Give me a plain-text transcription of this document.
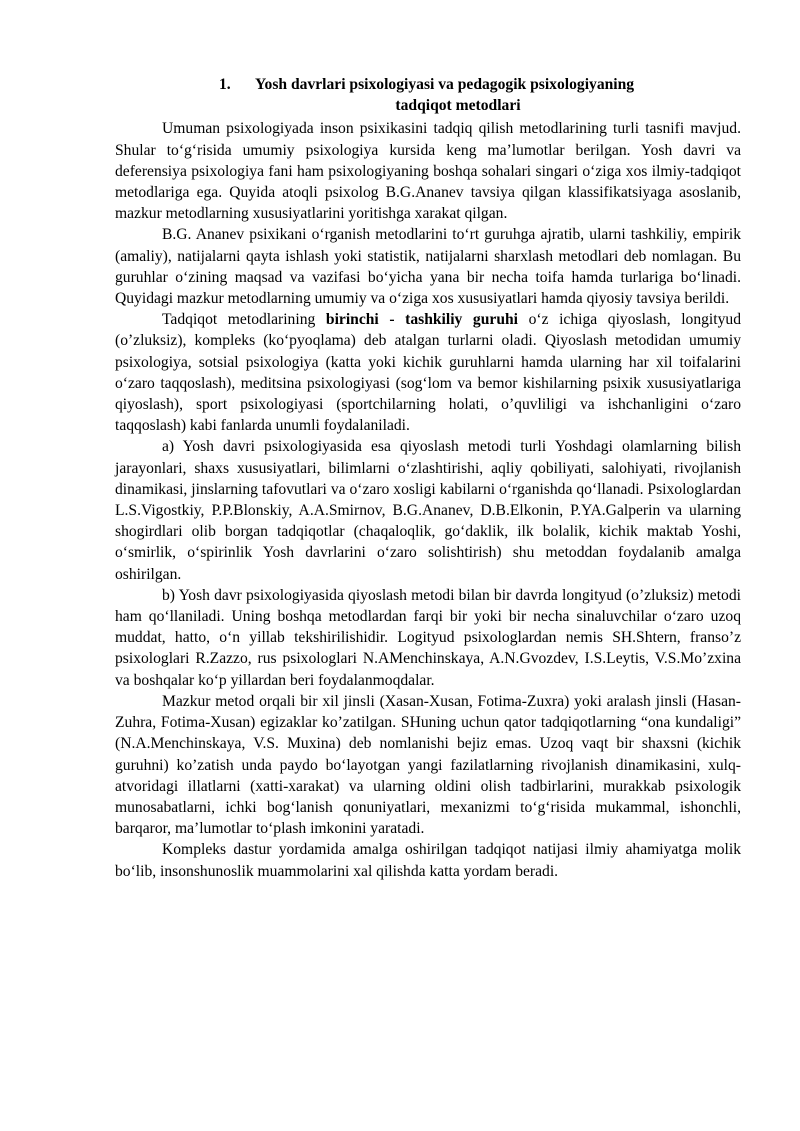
1. Yosh davrlari psixologiyasi va pedagogik psixologiyaning
tadqiqot metodlari

Umuman psixologiyada inson psixikasini tadqiq qilish metodlarining turli tasnifi mavjud. Shular to‘g‘risida umumiy psixologiya kursida keng ma’lumotlar berilgan. Yosh davri va deferensiya psixologiya fani ham psixologiyaning boshqa sohalari singari o‘ziga xos ilmiy-tadqiqot metodlariga ega. Quyida atoqli psixolog B.G.Ananev tavsiya qilgan klassifikatsiyaga asoslanib, mazkur metodlarning xususiyatlarini yoritishga xarakat qilgan.

B.G. Ananev psixikani o‘rganish metodlarini to‘rt guruhga ajratib, ularni tashkiliy, empirik (amaliy), natijalarni qayta ishlash yoki statistik, natijalarni sharxlash metodlari deb nomlagan. Bu guruhlar o‘zining maqsad va vazifasi bo‘yicha yana bir necha toifa hamda turlariga bo‘linadi. Quyidagi mazkur metodlarning umumiy va o‘ziga xos xususiyatlari hamda qiyosiy tavsiya berildi.

Tadqiqot metodlarining birinchi - tashkiliy guruhi o‘z ichiga qiyoslash, longityud (o’zluksiz), kompleks (ko‘pyoqlama) deb atalgan turlarni oladi. Qiyoslash metodidan umumiy psixologiya, sotsial psixologiya (katta yoki kichik guruhlarni hamda ularning har xil toifalarini o‘zaro taqqoslash), meditsina psixologiyasi (sog‘lom va bemor kishilarning psixik xususiyatlariga qiyoslash), sport psixologiyasi (sportchilarning holati, o’quvliligi va ishchanligini o‘zaro taqqoslash) kabi fanlarda unumli foydalaniladi.

a) Yosh davri psixologiyasida esa qiyoslash metodi turli Yoshdagi olamlarning bilish jarayonlari, shaxs xususiyatlari, bilimlarni o‘zlashtirishi, aqliy qobiliyati, salohiyati, rivojlanish dinamikasi, jinslarning tafovutlari va o‘zaro xosligi kabilarni o‘rganishda qo‘llanadi. Psixologlardan L.S.Vigostkiy, P.P.Blonskiy, A.A.Smirnov, B.G.Ananev, D.B.Elkonin, P.YA.Galperin va ularning shogirdlari olib borgan tadqiqotlar (chaqaloqlik, go‘daklik, ilk bolalik, kichik maktab Yoshi, o‘smirlik, o‘spirinlik Yosh davrlarini o‘zaro solishtirish) shu metoddan foydalanib amalga oshirilgan.

b) Yosh davr psixologiyasida qiyoslash metodi bilan bir davrda longityud (o’zluksiz) metodi ham qo‘llaniladi. Uning boshqa metodlardan farqi bir yoki bir necha sinaluvchilar o‘zaro uzoq muddat, hatto, o‘n yillab tekshirilishidir. Logityud psixologlardan nemis SH.Shtern, franso’z psixologlari R.Zazzo, rus psixologlari N.AMenchinskaya, A.N.Gvozdev, I.S.Leytis, V.S.Mo’zxina va boshqalar ko‘p yillardan beri foydalanmoqdalar.

Mazkur metod orqali bir xil jinsli (Xasan-Xusan, Fotima-Zuxra) yoki aralash jinsli (Hasan-Zuhra, Fotima-Xusan) egizaklar ko’zatilgan. SHuning uchun qator tadqiqotlarning “ona kundaligi” (N.A.Menchinskaya, V.S. Muxina) deb nomlanishi bejiz emas. Uzoq vaqt bir shaxsni (kichik guruhni) ko’zatish unda paydo bo‘layotgan yangi fazilatlarning rivojlanish dinamikasini, xulq-atvoridagi illatlarni (xatti-xarakat) va ularning oldini olish tadbirlarini, murakkab psixologik munosabatlarni, ichki bog‘lanish qonuniyatlari, mexanizmi to‘g‘risida mukammal, ishonchli, barqaror, ma’lumotlar to‘plash imkonini yaratadi.

Kompleks dastur yordamida amalga oshirilgan tadqiqot natijasi ilmiy ahamiyatga molik bo‘lib, insonshunoslik muammolarini xal qilishda katta yordam beradi.
